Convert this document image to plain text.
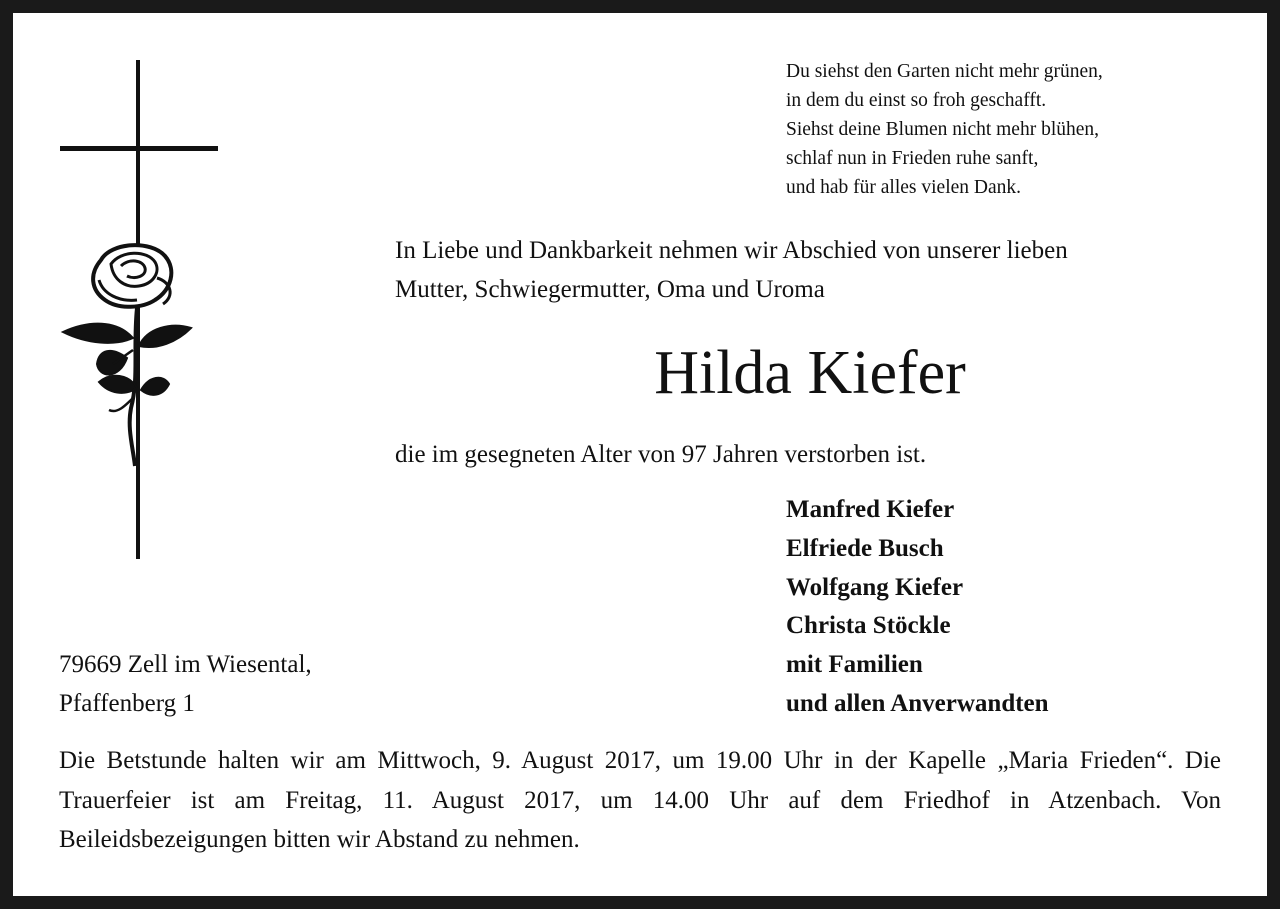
Du siehst den Garten nicht mehr grünen,
in dem du einst so froh geschafft.
Siehst deine Blumen nicht mehr blühen,
schlaf nun in Frieden ruhe sanft,
und hab für alles vielen Dank.
In Liebe und Dankbarkeit nehmen wir Abschied von unserer lieben
Mutter, Schwiegermutter, Oma und Uroma
Hilda Kiefer
die im gesegneten Alter von 97 Jahren verstorben ist.
Manfred Kiefer
Elfriede Busch
Wolfgang Kiefer
Christa Stöckle
mit Familien
und allen Anverwandten
79669 Zell im Wiesental,
Pfaffenberg 1
Die Betstunde halten wir am Mittwoch, 9. August 2017, um 19.00 Uhr in der Kapelle „Maria Frieden“. Die Trauerfeier ist am Freitag, 11. August 2017, um 14.00 Uhr auf dem Friedhof in Atzenbach. Von Beileidsbezeigungen bitten wir Abstand zu nehmen.
